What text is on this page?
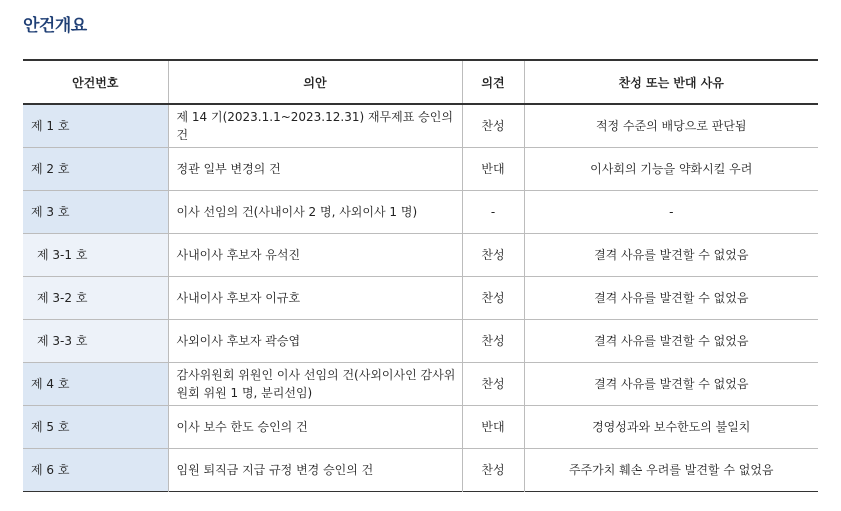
안건개요
안건번호	의안	의견	찬성 또는 반대 사유
제 1 호	제 14 기(2023.1.1~2023.12.31) 재무제표 승인의 건	찬성	적정 수준의 배당으로 판단됨
제 2 호	정관 일부 변경의 건	반대	이사회의 기능을 약화시킬 우려
제 3 호	이사 선임의 건(사내이사 2 명, 사외이사 1 명)	-	-
제 3-1 호	사내이사 후보자 유석진	찬성	결격 사유를 발견할 수 없었음
제 3-2 호	사내이사 후보자 이규호	찬성	결격 사유를 발견할 수 없었음
제 3-3 호	사외이사 후보자 곽승엽	찬성	결격 사유를 발견할 수 없었음
제 4 호	감사위원회 위원인 이사 선임의 건(사외이사인 감사위원회 위원 1 명, 분리선임)	찬성	결격 사유를 발견할 수 없었음
제 5 호	이사 보수 한도 승인의 건	반대	경영성과와 보수한도의 불일치
제 6 호	임원 퇴직금 지급 규정 변경 승인의 건	찬성	주주가치 훼손 우려를 발견할 수 없었음
